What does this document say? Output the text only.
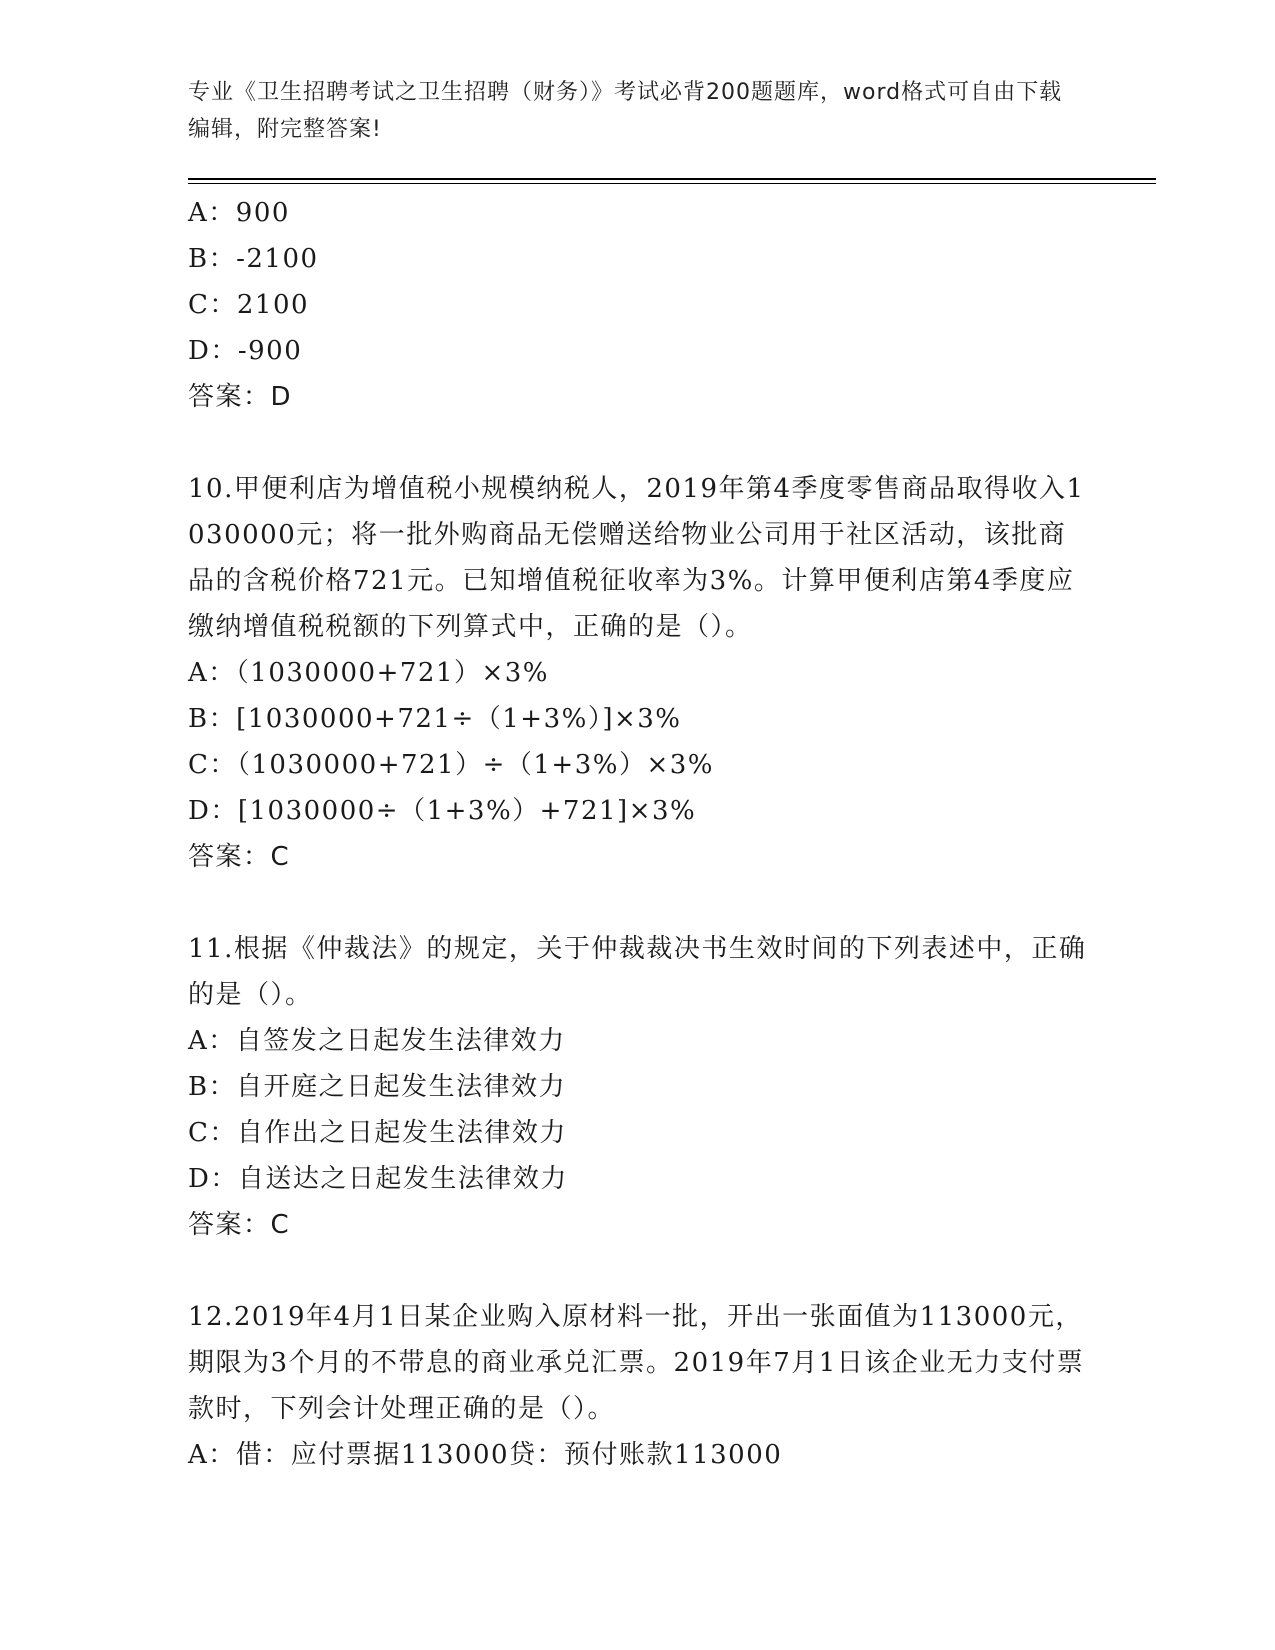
专业《卫生招聘考试之卫生招聘（财务）》考试必背200题题库，word格式可自由下载编辑，附完整答案!

A：900

B：-2100

C：2100

D：-900

答案：D

10.甲便利店为增值税小规模纳税人，2019年第4季度零售商品取得收入1030000元；将一批外购商品无偿赠送给物业公司用于社区活动，该批商品的含税价格721元。已知增值税征收率为3%。计算甲便利店第4季度应缴纳增值税税额的下列算式中，正确的是（）。

A：（1030000+721）×3%

B：[1030000+721÷（1+3%）]×3%

C：（1030000+721）÷（1+3%）×3%

D：[1030000÷（1+3%）+721]×3%

答案：C

11.根据《仲裁法》的规定，关于仲裁裁决书生效时间的下列表述中，正确的是（）。

A：自签发之日起发生法律效力

B：自开庭之日起发生法律效力

C：自作出之日起发生法律效力

D：自送达之日起发生法律效力

答案：C

12.2019年4月1日某企业购入原材料一批，开出一张面值为113000元，期限为3个月的不带息的商业承兑汇票。2019年7月1日该企业无力支付票款时，下列会计处理正确的是（）。

A：借：应付票据113000贷：预付账款113000
